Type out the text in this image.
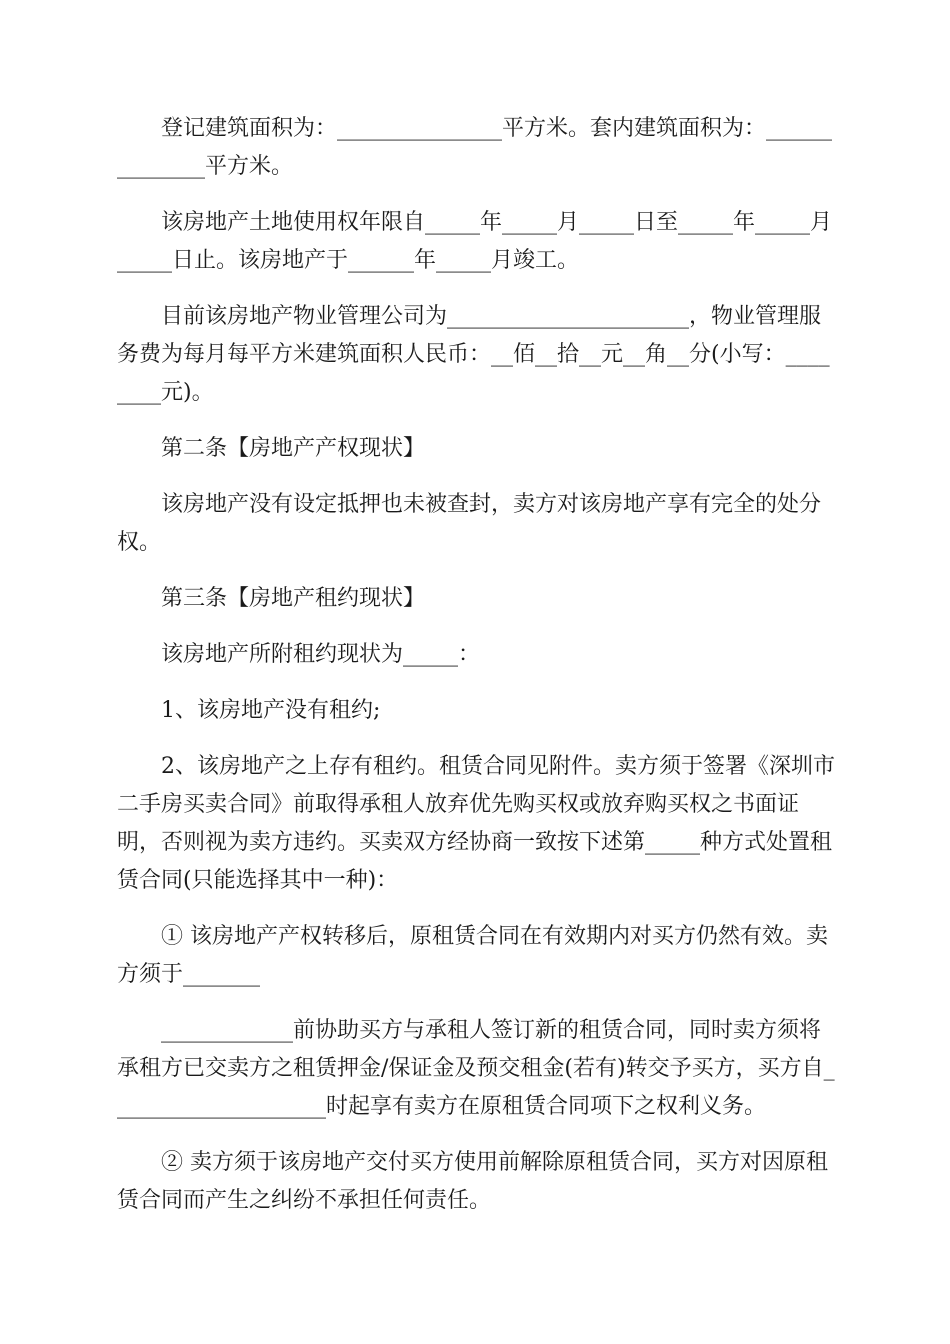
登记建筑面积为：_______________平方米。套内建筑面积为：______________平方米。

该房地产土地使用权年限自_____年_____月_____日至_____年_____月_____日止。该房地产于______年_____月竣工。

目前该房地产物业管理公司为______________________，物业管理服务费为每月每平方米建筑面积人民币：__佰__拾__元__角__分(小写：________元)。

第二条【房地产产权现状】

该房地产没有设定抵押也未被查封，卖方对该房地产享有完全的处分权。

第三条【房地产租约现状】

该房地产所附租约现状为_____：

1、该房地产没有租约;

2、该房地产之上存有租约。租赁合同见附件。卖方须于签署《深圳市二手房买卖合同》前取得承租人放弃优先购买权或放弃购买权之书面证明，否则视为卖方违约。买卖双方经协商一致按下述第_____种方式处置租赁合同(只能选择其中一种)：

① 该房地产产权转移后，原租赁合同在有效期内对买方仍然有效。卖方须于_______

____________前协助买方与承租人签订新的租赁合同，同时卖方须将承租方已交卖方之租赁押金/保证金及预交租金(若有)转交予买方，买方自____________________时起享有卖方在原租赁合同项下之权利义务。

② 卖方须于该房地产交付买方使用前解除原租赁合同，买方对因原租赁合同而产生之纠纷不承担任何责任。
